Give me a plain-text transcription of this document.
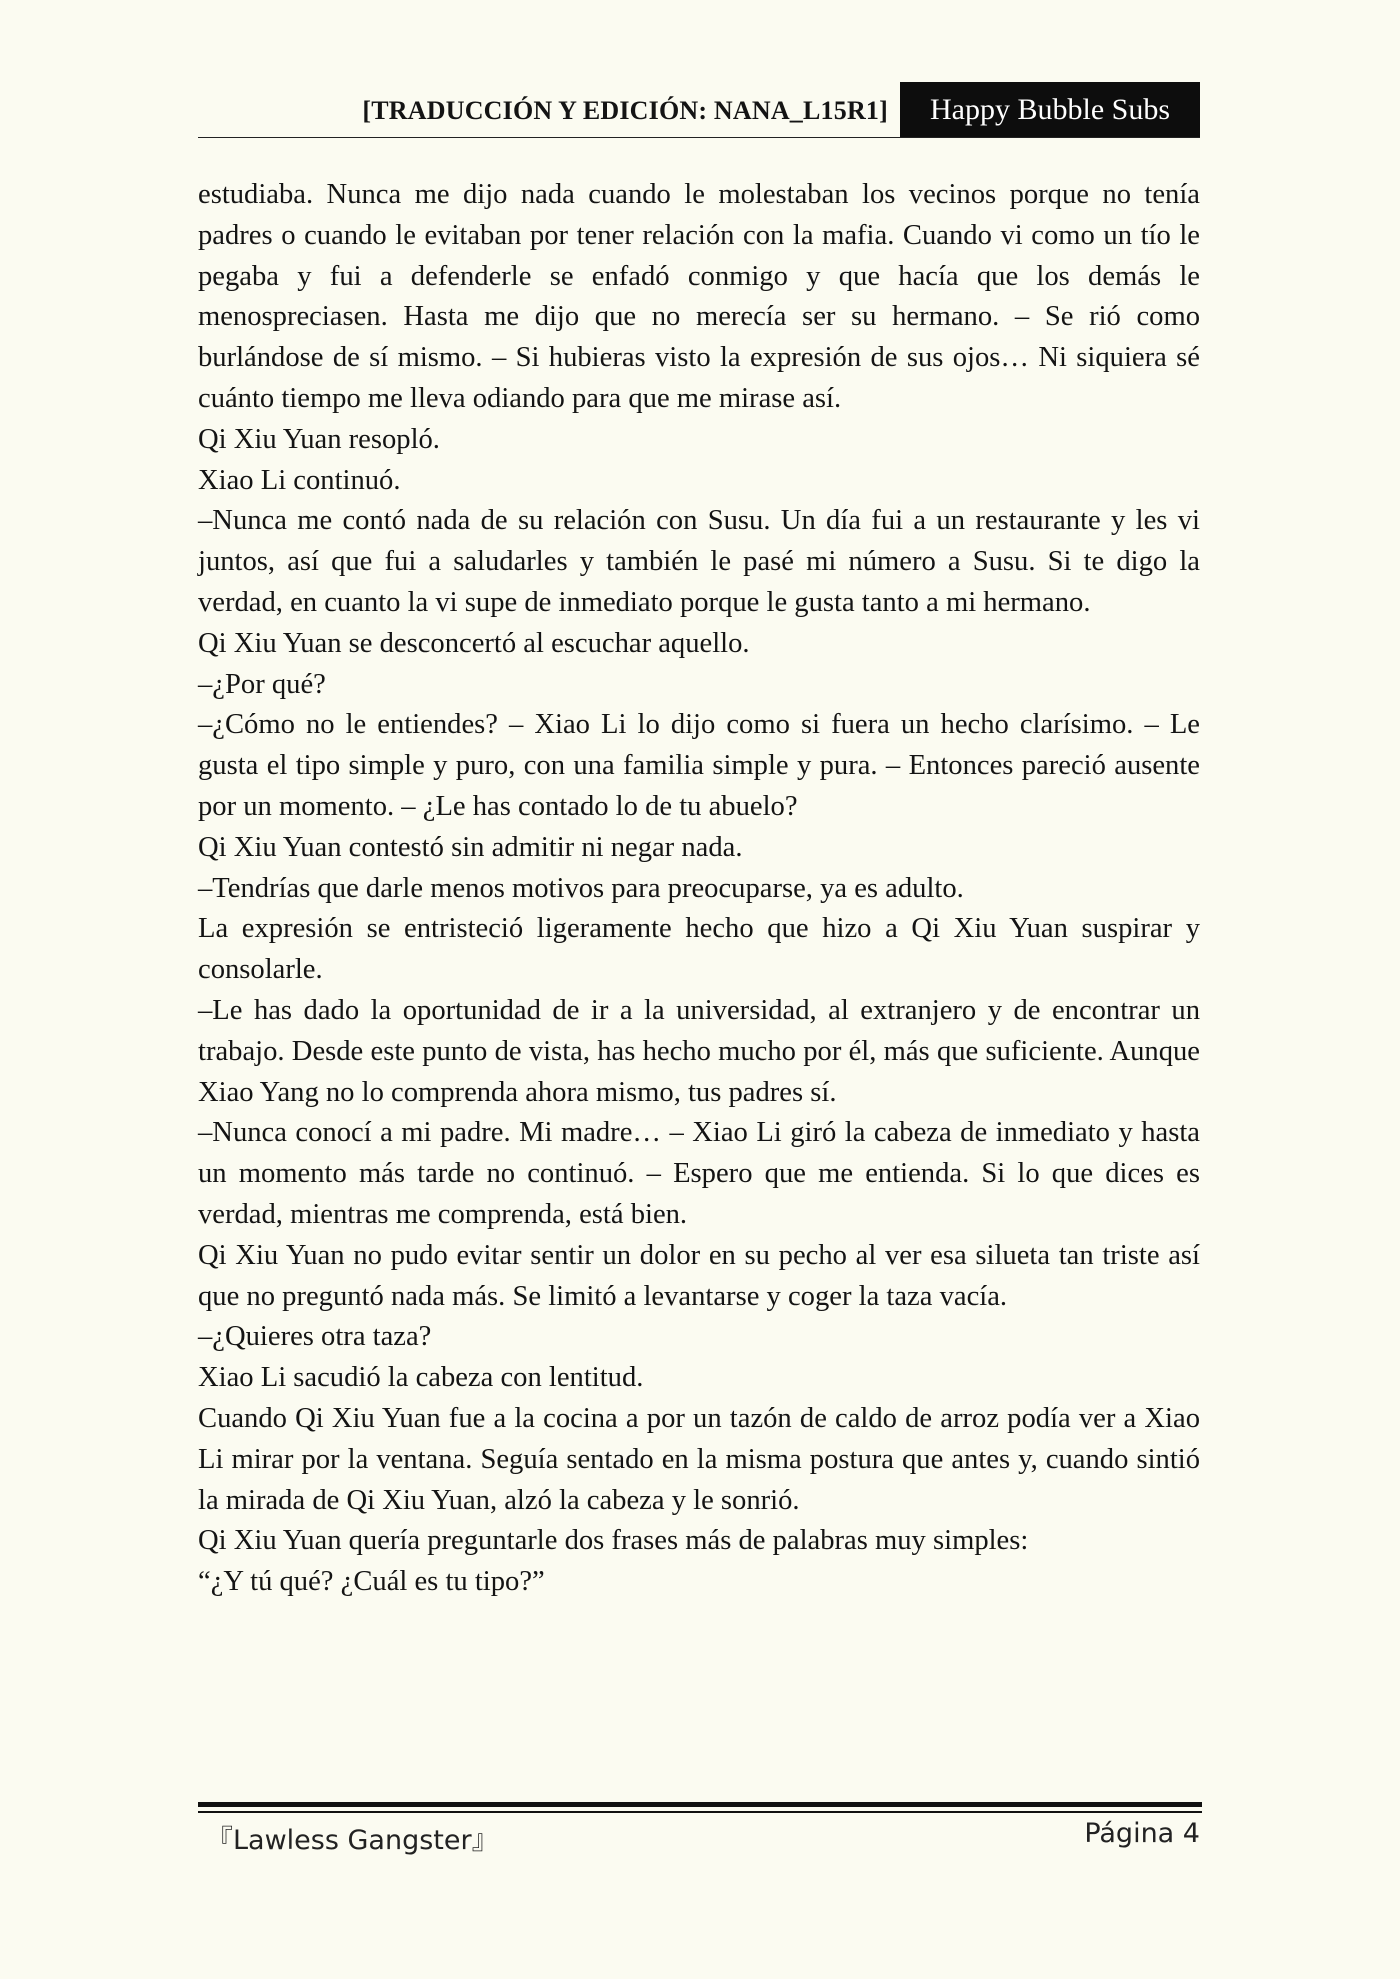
[TRADUCCIÓN Y EDICIÓN: NANA_L15R1]	Happy Bubble Subs

estudiaba. Nunca me dijo nada cuando le molestaban los vecinos porque no tenía padres o cuando le evitaban por tener relación con la mafia. Cuando vi como un tío le pegaba y fui a defenderle se enfadó conmigo y que hacía que los demás le menospreciasen. Hasta me dijo que no merecía ser su hermano. – Se rió como burlándose de sí mismo. – Si hubieras visto la expresión de sus ojos… Ni siquiera sé cuánto tiempo me lleva odiando para que me mirase así.

Qi Xiu Yuan resopló.

Xiao Li continuó.

–Nunca me contó nada de su relación con Susu. Un día fui a un restaurante y les vi juntos, así que fui a saludarles y también le pasé mi número a Susu. Si te digo la verdad, en cuanto la vi supe de inmediato porque le gusta tanto a mi hermano.

Qi Xiu Yuan se desconcertó al escuchar aquello.

–¿Por qué?

–¿Cómo no le entiendes? – Xiao Li lo dijo como si fuera un hecho clarísimo. – Le gusta el tipo simple y puro, con una familia simple y pura. – Entonces pareció ausente por un momento. – ¿Le has contado lo de tu abuelo?

Qi Xiu Yuan contestó sin admitir ni negar nada.

–Tendrías que darle menos motivos para preocuparse, ya es adulto.

La expresión se entristeció ligeramente hecho que hizo a Qi Xiu Yuan suspirar y consolarle.

–Le has dado la oportunidad de ir a la universidad, al extranjero y de encontrar un trabajo. Desde este punto de vista, has hecho mucho por él, más que suficiente. Aunque Xiao Yang no lo comprenda ahora mismo, tus padres sí.

–Nunca conocí a mi padre. Mi madre… – Xiao Li giró la cabeza de inmediato y hasta un momento más tarde no continuó. – Espero que me entienda. Si lo que dices es verdad, mientras me comprenda, está bien.

Qi Xiu Yuan no pudo evitar sentir un dolor en su pecho al ver esa silueta tan triste así que no preguntó nada más. Se limitó a levantarse y coger la taza vacía.

–¿Quieres otra taza?

Xiao Li sacudió la cabeza con lentitud.

Cuando Qi Xiu Yuan fue a la cocina a por un tazón de caldo de arroz podía ver a Xiao Li mirar por la ventana. Seguía sentado en la misma postura que antes y, cuando sintió la mirada de Qi Xiu Yuan, alzó la cabeza y le sonrió.

Qi Xiu Yuan quería preguntarle dos frases más de palabras muy simples:

“¿Y tú qué? ¿Cuál es tu tipo?”

『Lawless Gangster』	Página 4
